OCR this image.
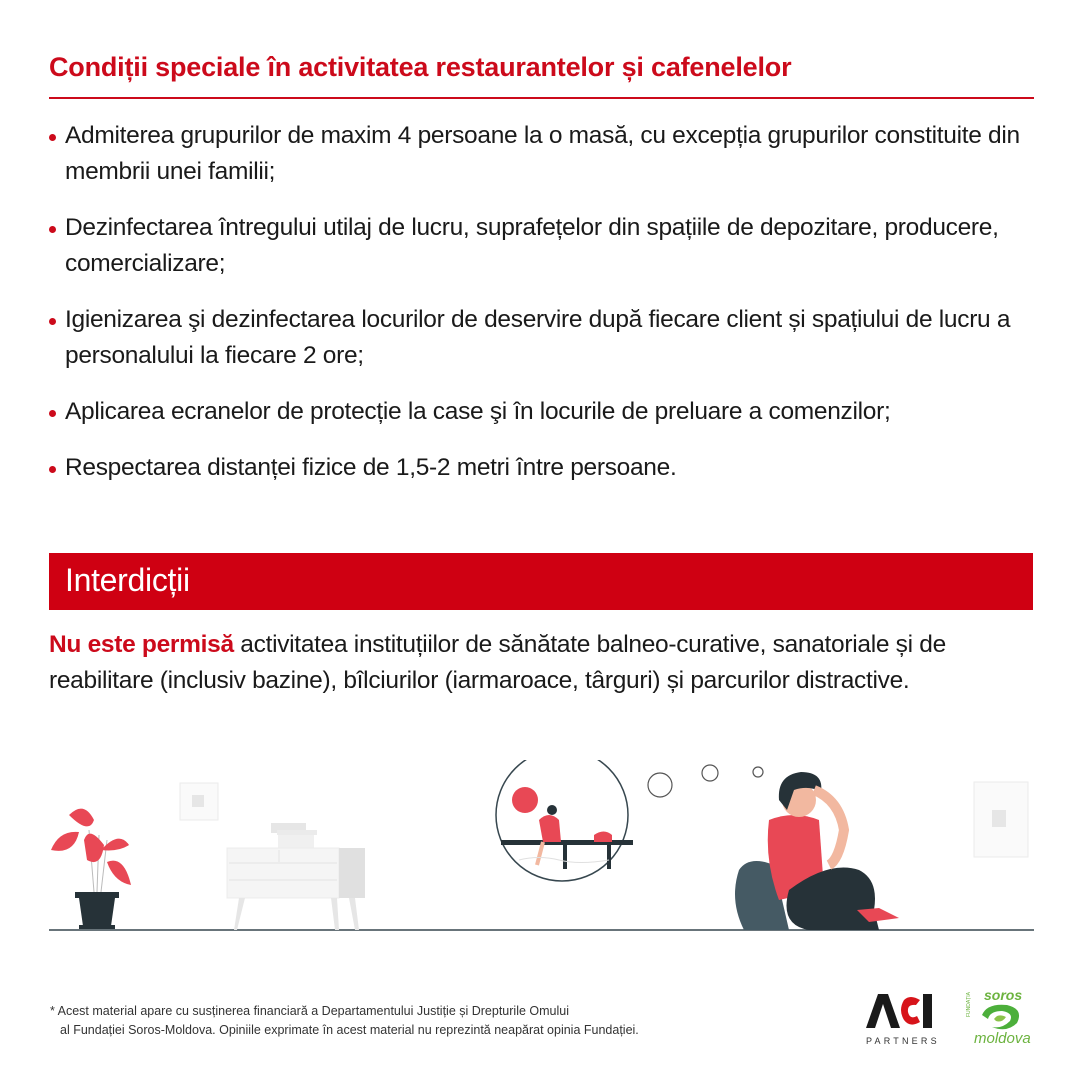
Condiții speciale în activitatea restaurantelor și cafenelelor
Admiterea grupurilor de maxim 4 persoane la o masă, cu excepția grupurilor constituite din membrii unei familii;
Dezinfectarea întregului utilaj de lucru, suprafețelor din spațiile de depozitare, producere, comercializare;
Igienizarea şi dezinfectarea locurilor de deservire după fiecare client și spațiului de lucru a personalului la fiecare 2 ore;
Aplicarea ecranelor de protecție la case şi în locurile de preluare a comenzilor;
Respectarea distanței fizice de 1,5-2 metri între persoane.
Interdicții
Nu este permisă activitatea instituțiilor de sănătate balneo-curative, sanatoriale și de reabilitare (inclusiv bazine), bîlciurilor (iarmaroace, târguri) și parcurilor distractive.
* Acest material apare cu susținerea financiară a Departamentului Justiție și Drepturile Omului
al Fundației Soros-Moldova. Opiniile exprimate în acest material nu reprezintă neapărat opinia Fundației.
PARTNERS
soros
FUNDAȚIA
moldova
